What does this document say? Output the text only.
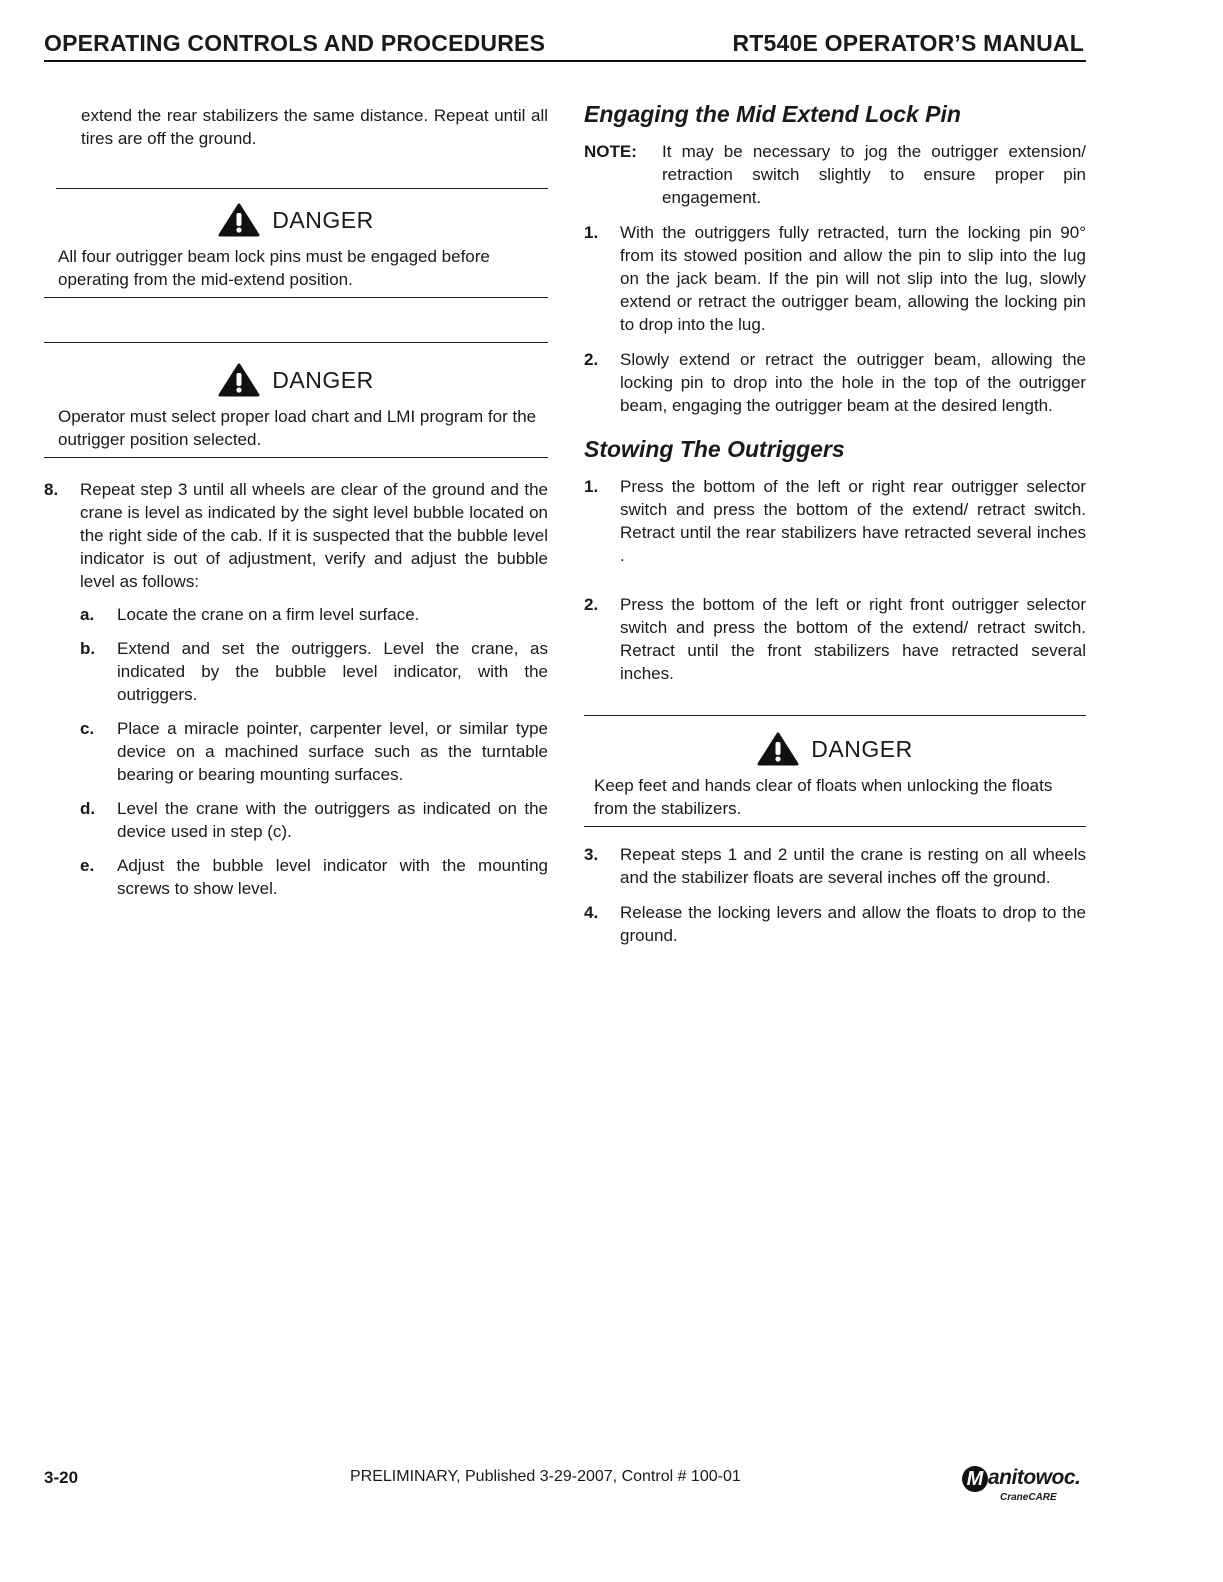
OPERATING CONTROLS AND PROCEDURES	RT540E OPERATOR’S MANUAL

extend the rear stabilizers the same distance. Repeat until all tires are off the ground.

DANGER

All four outrigger beam lock pins must be engaged before operating from the mid-extend position.

DANGER

Operator must select proper load chart and LMI program for the outrigger position selected.

8.	Repeat step 3 until all wheels are clear of the ground and the crane is level as indicated by the sight level bubble located on the right side of the cab. If it is suspected that the bubble level indicator is out of adjustment, verify and adjust the bubble level as follows:
a.	Locate the crane on a firm level surface.
b.	Extend and set the outriggers. Level the crane, as indicated by the bubble level indicator, with the outriggers.
c.	Place a miracle pointer, carpenter level, or similar type device on a machined surface such as the turntable bearing or bearing mounting surfaces.
d.	Level the crane with the outriggers as indicated on the device used in step (c).
e.	Adjust the bubble level indicator with the mounting screws to show level.
Engaging the Mid Extend Lock Pin
NOTE:	It may be necessary to jog the outrigger extension/ retraction switch slightly to ensure proper pin engagement.
1.	With the outriggers fully retracted, turn the locking pin 90° from its stowed position and allow the pin to slip into the lug on the jack beam. If the pin will not slip into the lug, slowly extend or retract the outrigger beam, allowing the locking pin to drop into the lug.
2.	Slowly extend or retract the outrigger beam, allowing the locking pin to drop into the hole in the top of the outrigger beam, engaging the outrigger beam at the desired length.
Stowing The Outriggers
1.	Press the bottom of the left or right rear outrigger selector switch and press the bottom of the extend/ retract switch. Retract until the rear stabilizers have retracted several inches .
2.	Press the bottom of the left or right front outrigger selector switch and press the bottom of the extend/ retract switch. Retract until the front stabilizers have retracted several inches.
DANGER

Keep feet and hands clear of floats when unlocking the floats from the stabilizers.

3.	Repeat steps 1 and 2 until the crane is resting on all wheels and the stabilizer floats are several inches off the ground.
4.	Release the locking levers and allow the floats to drop to the ground.
3-20	PRELIMINARY, Published 3-29-2007, Control # 100-01	M anitowoc.
CraneCARE
